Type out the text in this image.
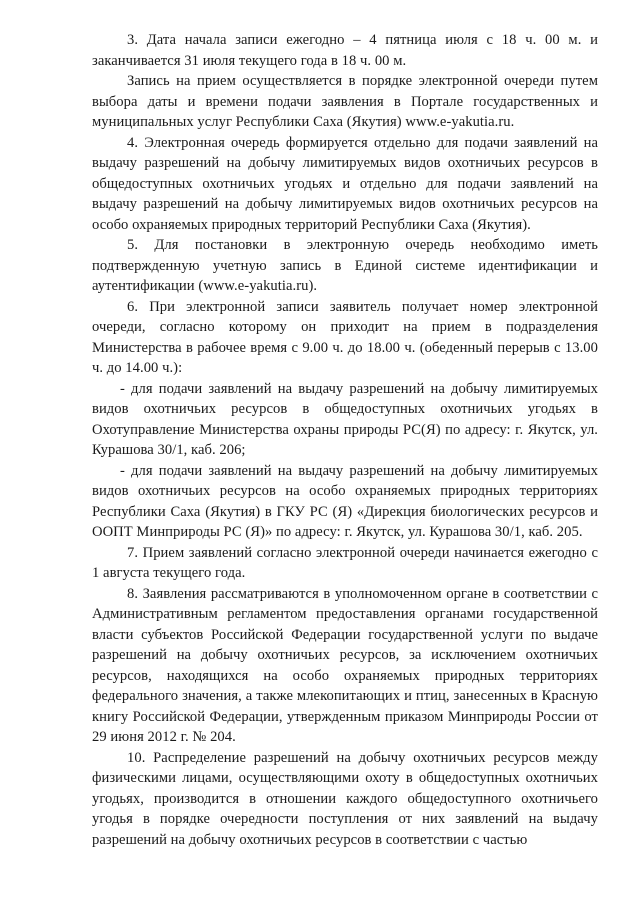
3. Дата начала записи ежегодно – 4 пятница июля с 18 ч. 00 м. и заканчивается 31 июля текущего года в 18 ч. 00 м.

Запись на прием осуществляется в порядке электронной очереди путем выбора даты и времени подачи заявления в Портале государственных и муниципальных услуг Республики Саха (Якутия) www.e-yakutia.ru.

4. Электронная очередь формируется отдельно для подачи заявлений на выдачу разрешений на добычу лимитируемых видов охотничьих ресурсов в общедоступных охотничьих угодьях и отдельно для подачи заявлений на выдачу разрешений на добычу лимитируемых видов охотничьих ресурсов на особо охраняемых природных территорий Республики Саха (Якутия).

5. Для постановки в электронную очередь необходимо иметь подтвержденную учетную запись в Единой системе идентификации и аутентификации (www.e-yakutia.ru).

6. При электронной записи заявитель получает номер электронной очереди, согласно которому он приходит на прием в подразделения Министерства в рабочее время с 9.00 ч. до 18.00 ч. (обеденный перерыв с 13.00 ч. до 14.00 ч.):

- для подачи заявлений на выдачу разрешений на добычу лимитируемых видов охотничьих ресурсов в общедоступных охотничьих угодьях в Охотуправление Министерства охраны природы РС(Я) по адресу: г. Якутск, ул. Курашова 30/1, каб. 206;

- для подачи заявлений на выдачу разрешений на добычу лимитируемых видов охотничьих ресурсов на особо охраняемых природных территориях Республики Саха (Якутия) в ГКУ РС (Я) «Дирекция биологических ресурсов и ООПТ Минприроды РС (Я)» по адресу: г. Якутск, ул. Курашова 30/1, каб. 205.

7. Прием заявлений согласно электронной очереди начинается ежегодно с 1 августа текущего года.

8. Заявления рассматриваются в уполномоченном органе в соответствии с Административным регламентом предоставления органами государственной власти субъектов Российской Федерации государственной услуги по выдаче разрешений на добычу охотничьих ресурсов, за исключением охотничьих ресурсов, находящихся на особо охраняемых природных территориях федерального значения, а также млекопитающих и птиц, занесенных в Красную книгу Российской Федерации, утвержденным приказом Минприроды России от 29 июня 2012 г. № 204.

10. Распределение разрешений на добычу охотничьих ресурсов между физическими лицами, осуществляющими охоту в общедоступных охотничьих угодьях, производится в отношении каждого общедоступного охотничьего угодья в порядке очередности поступления от них заявлений на выдачу разрешений на добычу охотничьих ресурсов в соответствии с частью
